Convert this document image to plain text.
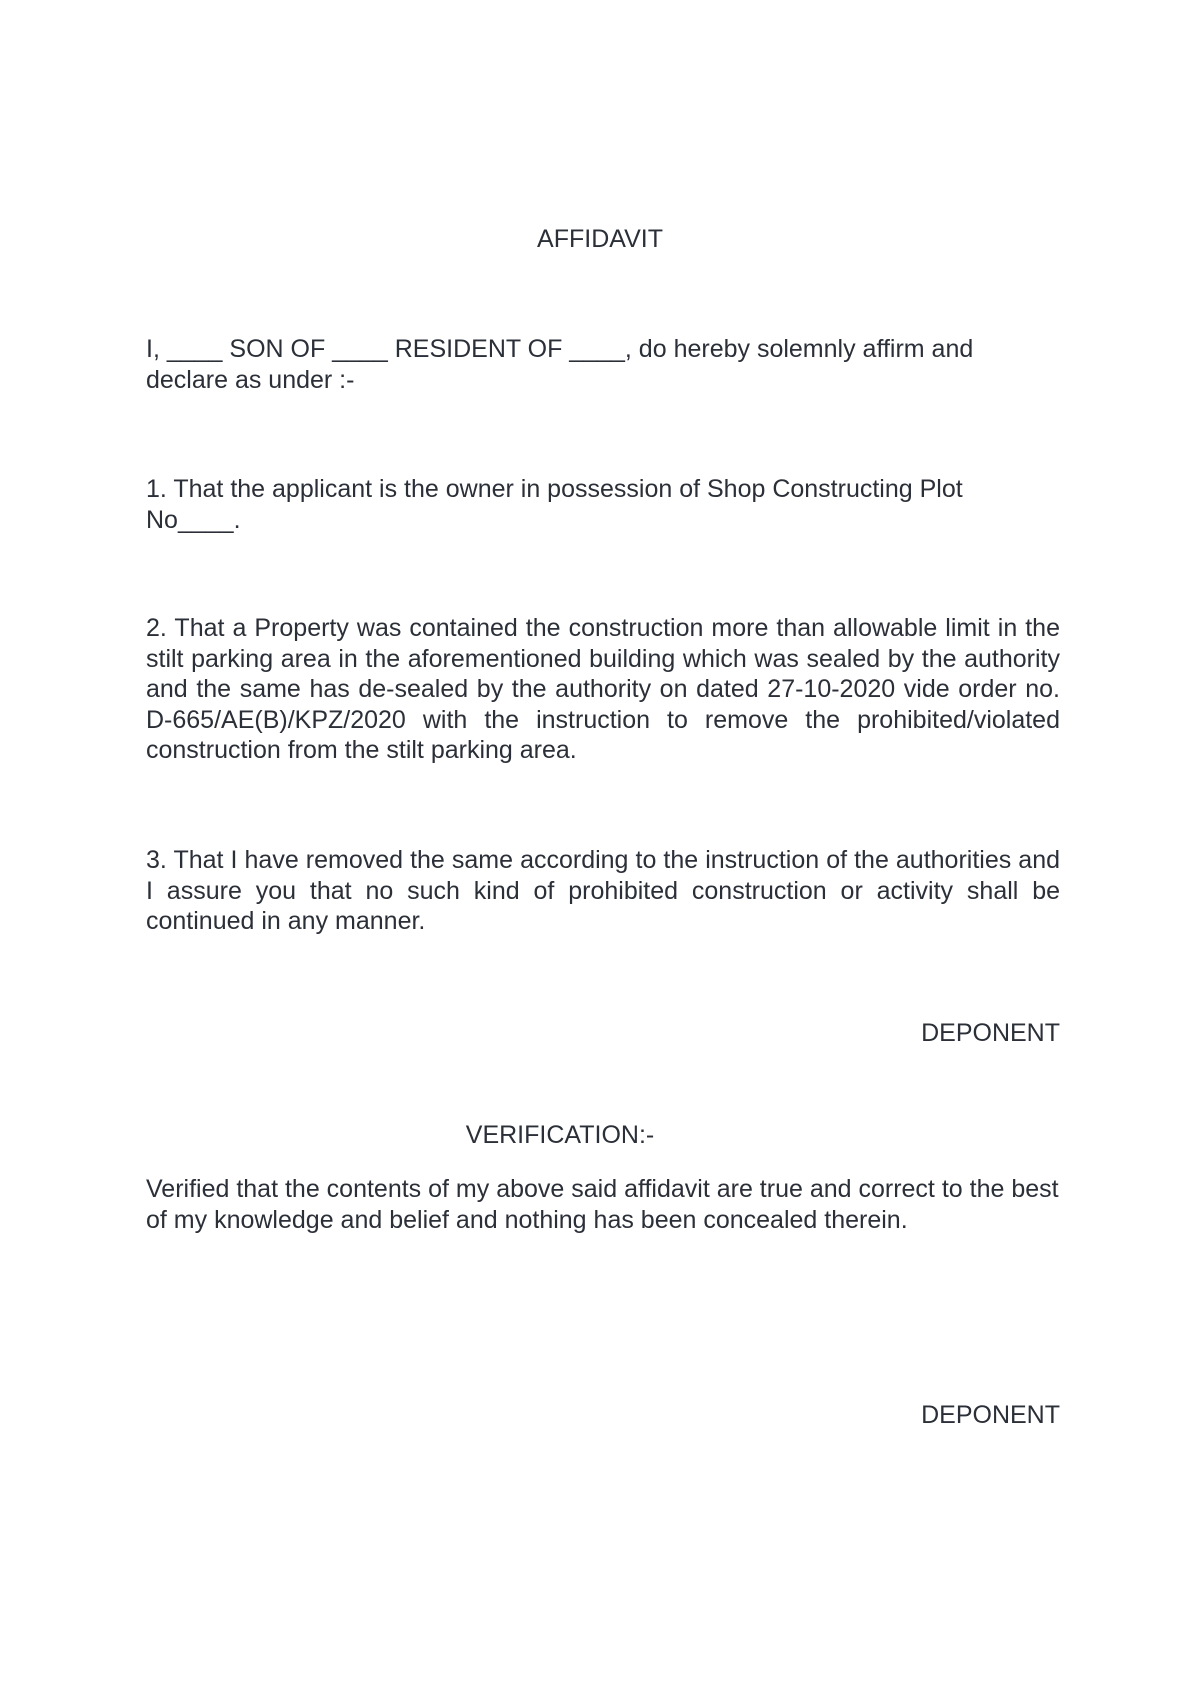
AFFIDAVIT
I, ____ SON OF ____ RESIDENT OF ____, do hereby solemnly affirm and declare as under :-
1. That the applicant is the owner in possession of Shop Constructing Plot No____.
2. That a Property was contained the construction more than allowable limit in the stilt parking area in the aforementioned building which was sealed by the authority and the same has de-sealed by the authority on dated 27-10-2020 vide order no. D-665/AE(B)/KPZ/2020 with the instruction to remove the prohibited/violated construction from the stilt parking area.
3. That I have removed the same according to the instruction of the authorities and I assure you that no such kind of prohibited construction or activity shall be continued in any manner.
DEPONENT
VERIFICATION:-
Verified that the contents of my above said affidavit are true and correct to the best of my knowledge and belief and nothing has been concealed therein.
DEPONENT
